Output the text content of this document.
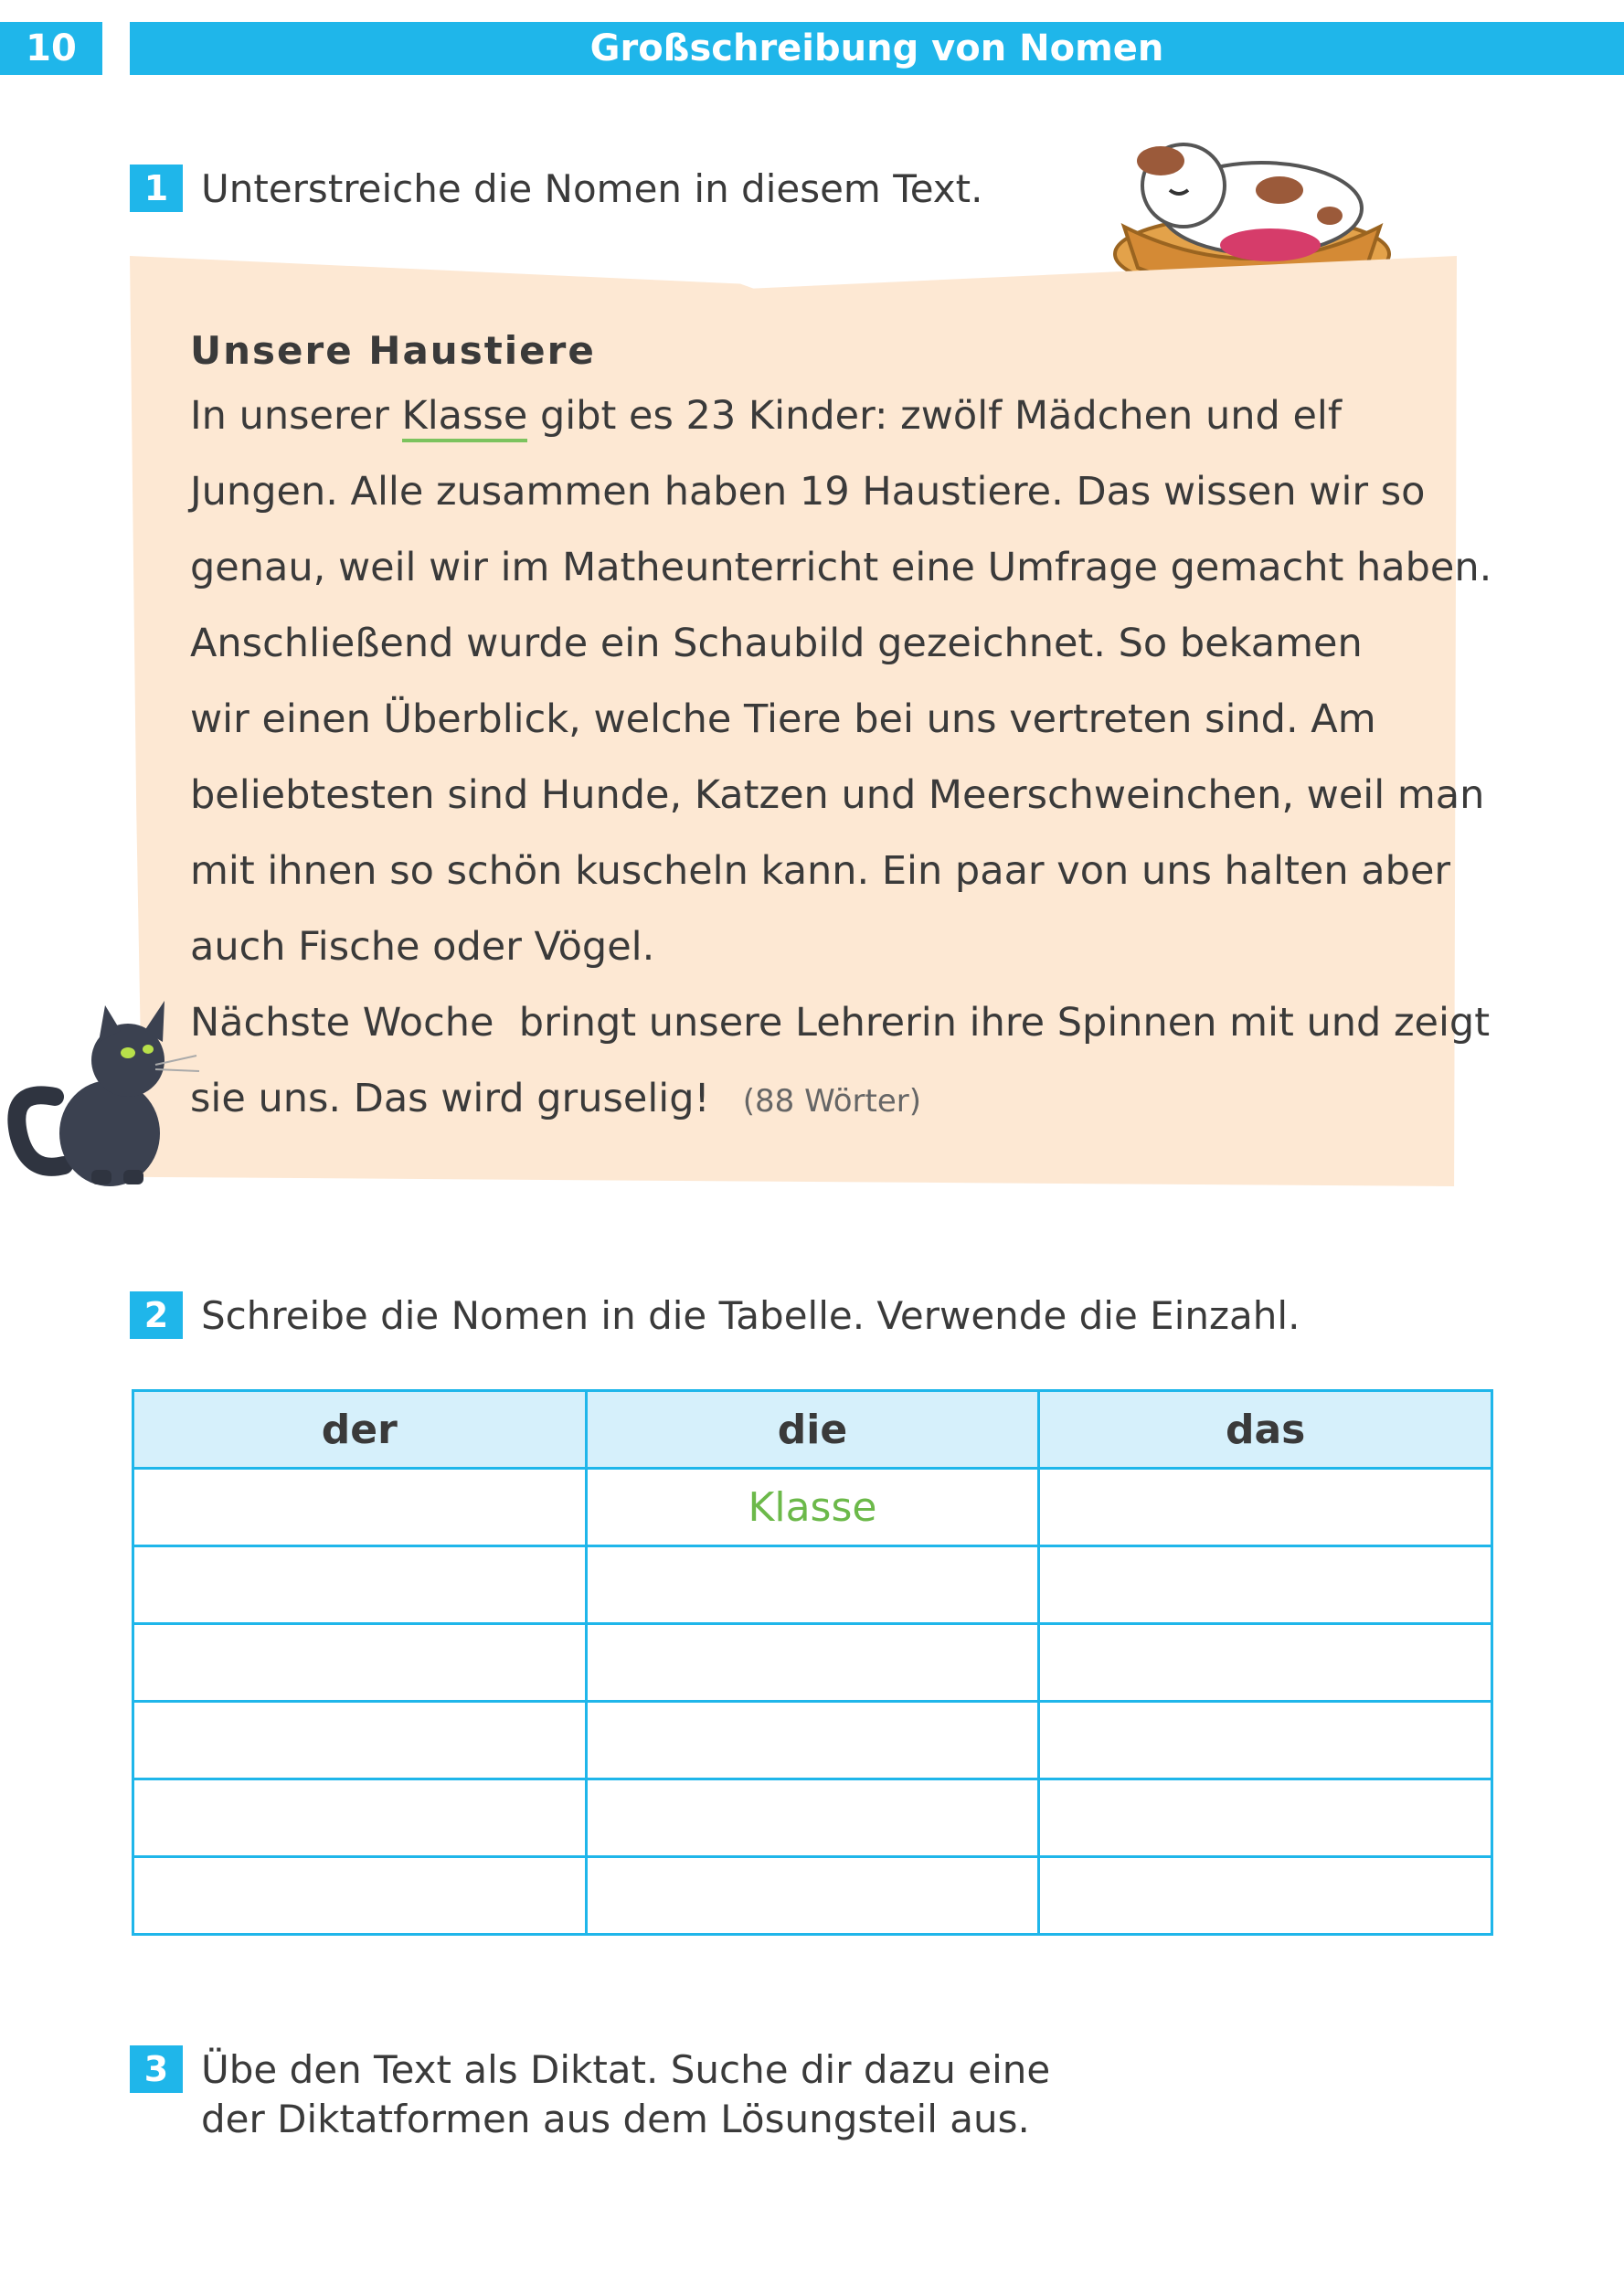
10	Großschreibung von Nomen
1 Unterstreiche die Nomen in diesem Text.
Unsere Haustiere
In unserer Klasse gibt es 23 Kinder: zwölf Mädchen und elf
Jungen. Alle zusammen haben 19 Haustiere. Das wissen wir so
genau, weil wir im Matheunterricht eine Umfrage gemacht haben.
Anschließend wurde ein Schaubild gezeichnet. So bekamen
wir einen Überblick, welche Tiere bei uns vertreten sind. Am
beliebtesten sind Hunde, Katzen und Meerschweinchen, weil man
mit ihnen so schön kuscheln kann. Ein paar von uns halten aber
auch Fische oder Vögel.
Nächste Woche  bringt unsere Lehrerin ihre Spinnen mit und zeigt
sie uns. Das wird gruselig! (88 Wörter)
2 Schreibe die Nomen in die Tabelle. Verwende die Einzahl.
der	die	das
	Klasse	

3 Übe den Text als Diktat. Suche dir dazu eine
der Diktatformen aus dem Lösungsteil aus.
